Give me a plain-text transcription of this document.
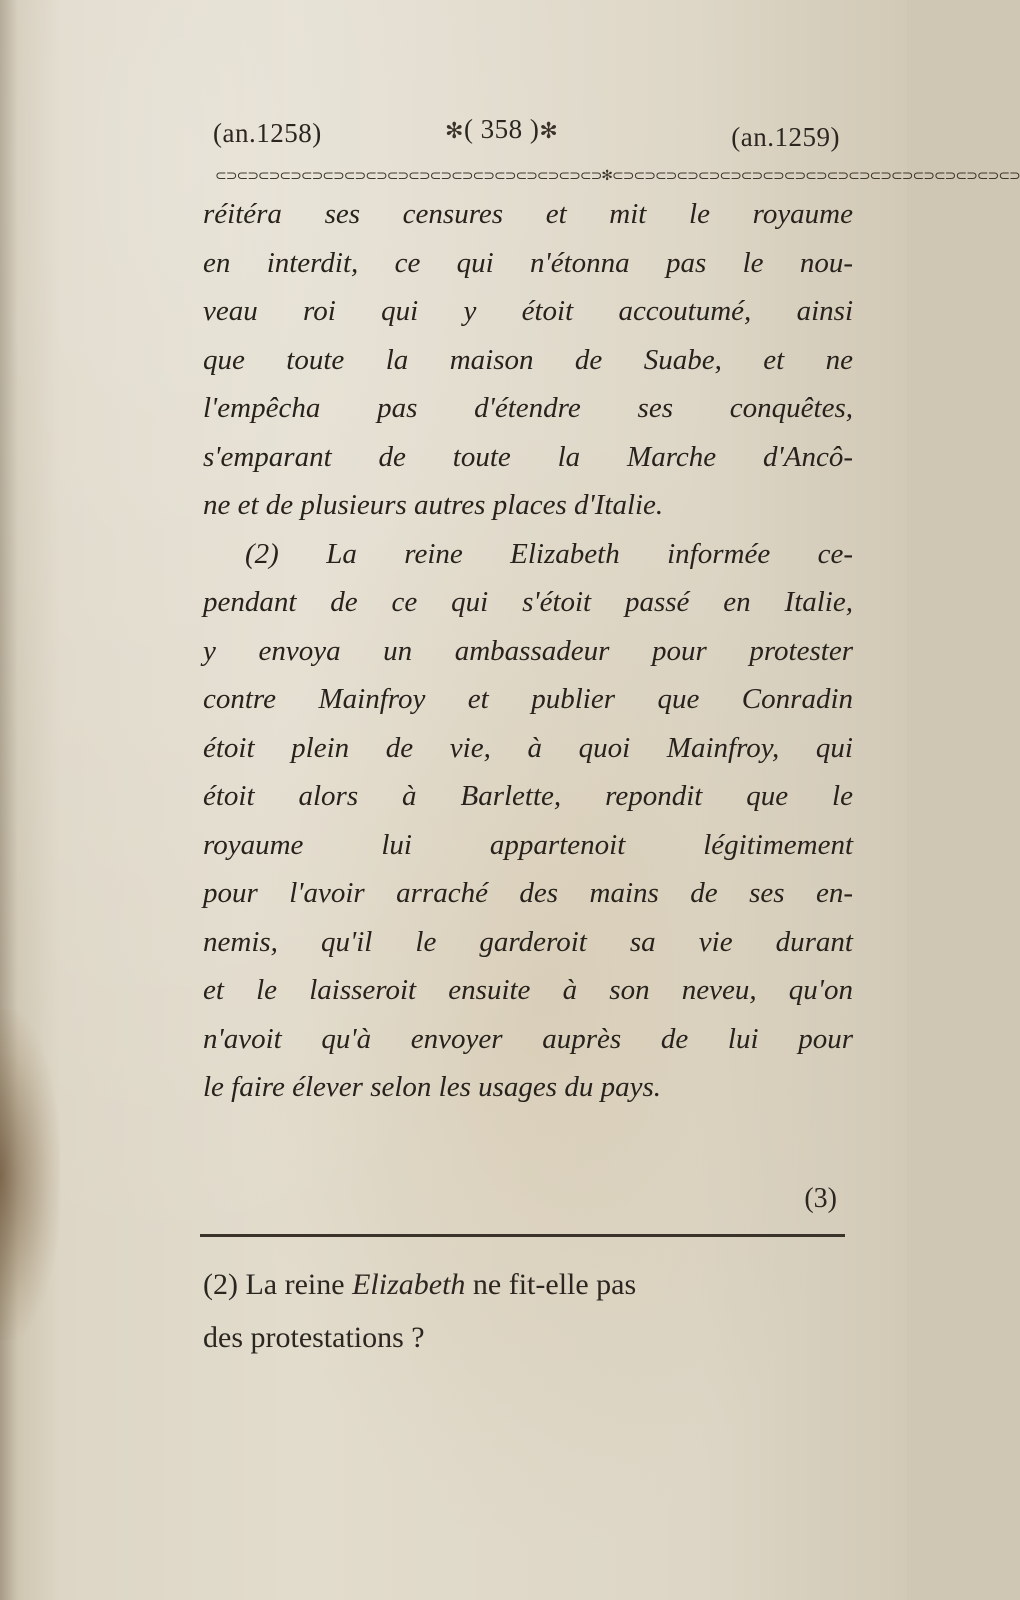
(an.1258)	✻( 358 )✻	(an.1259)
⊂⊃⊂⊃⊂⊃⊂⊃⊂⊃⊂⊃⊂⊃⊂⊃⊂⊃⊂⊃⊂⊃⊂⊃⊂⊃⊂⊃⊂⊃⊂⊃⊂⊃⊂⊃✻⊂⊃⊂⊃⊂⊃⊂⊃⊂⊃⊂⊃⊂⊃⊂⊃⊂⊃⊂⊃⊂⊃⊂⊃⊂⊃⊂⊃⊂⊃⊂⊃⊂⊃⊂⊃⊂⊃
réitéra ses censures et mit le royaume
en interdit, ce qui n'étonna pas le nou-
veau roi qui y étoit accoutumé, ainsi
que toute la maison de Suabe, et ne
l'empêcha pas d'étendre ses conquêtes,
s'emparant de toute la Marche d'Ancô-
ne et de plusieurs autres places d'Italie.
(2) La reine Elizabeth informée ce-
pendant de ce qui s'étoit passé en Italie,
y envoya un ambassadeur pour protester
contre Mainfroy et publier que Conradin
étoit plein de vie, à quoi Mainfroy, qui
étoit alors à Barlette, repondit que le
royaume lui appartenoit légitimement
pour l'avoir arraché des mains de ses en-
nemis, qu'il le garderoit sa vie durant
et le laisseroit ensuite à son neveu, qu'on
n'avoit qu'à envoyer auprès de lui pour
le faire élever selon les usages du pays.
(3)
(2) La reine Elizabeth ne fit-elle pas
des protestations ?
